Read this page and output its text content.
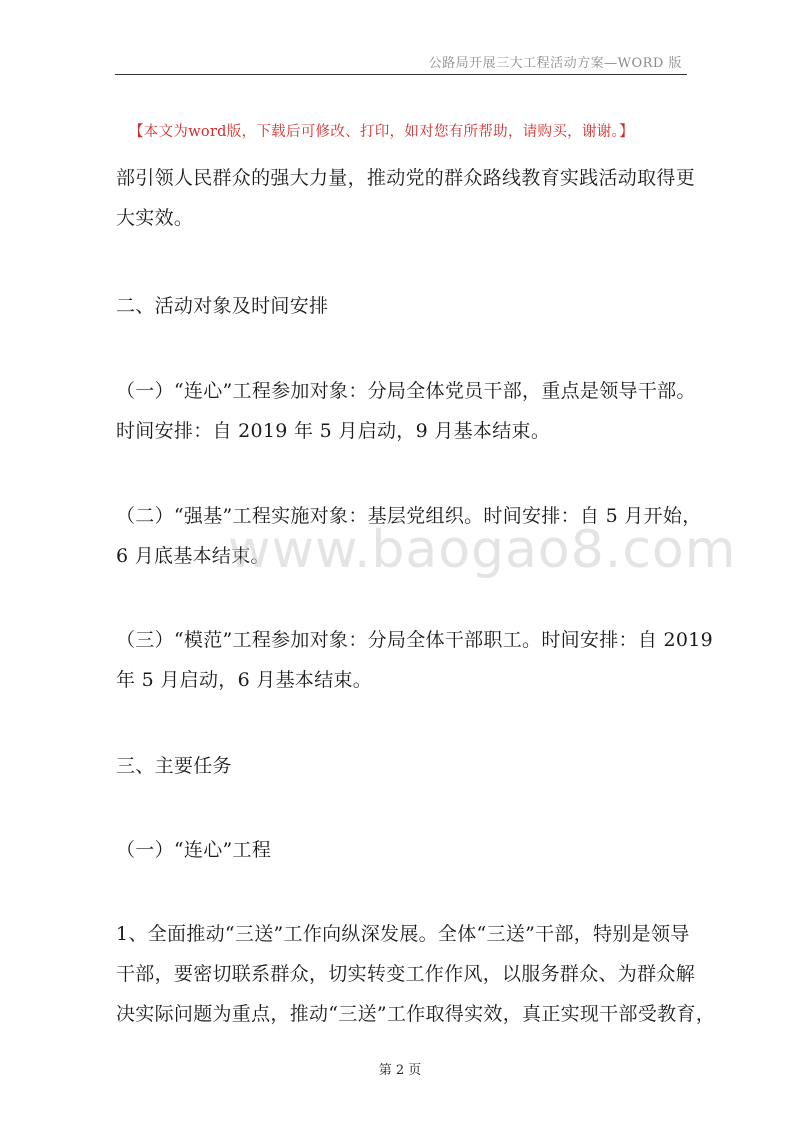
公路局开展三大工程活动方案—WORD 版
【本文为word版，下载后可修改、打印，如对您有所帮助，请购买，谢谢。】
部引领人民群众的强大力量，推动党的群众路线教育实践活动取得更
大实效。
二、活动对象及时间安排
（一）“连心”工程参加对象：分局全体党员干部，重点是领导干部。
时间安排：自 2019 年 5 月启动，9 月基本结束。
（二）“强基”工程实施对象：基层党组织。时间安排：自 5 月开始，
6 月底基本结束。
（三）“模范”工程参加对象：分局全体干部职工。时间安排：自 2019
年 5 月启动，6 月基本结束。
三、主要任务
（一）“连心”工程
1、全面推动“三送”工作向纵深发展。全体“三送”干部，特别是领导
干部，要密切联系群众，切实转变工作作风，以服务群众、为群众解
决实际问题为重点，推动“三送”工作取得实效，真正实现干部受教育，
www.baogao8.com
第 2 页
